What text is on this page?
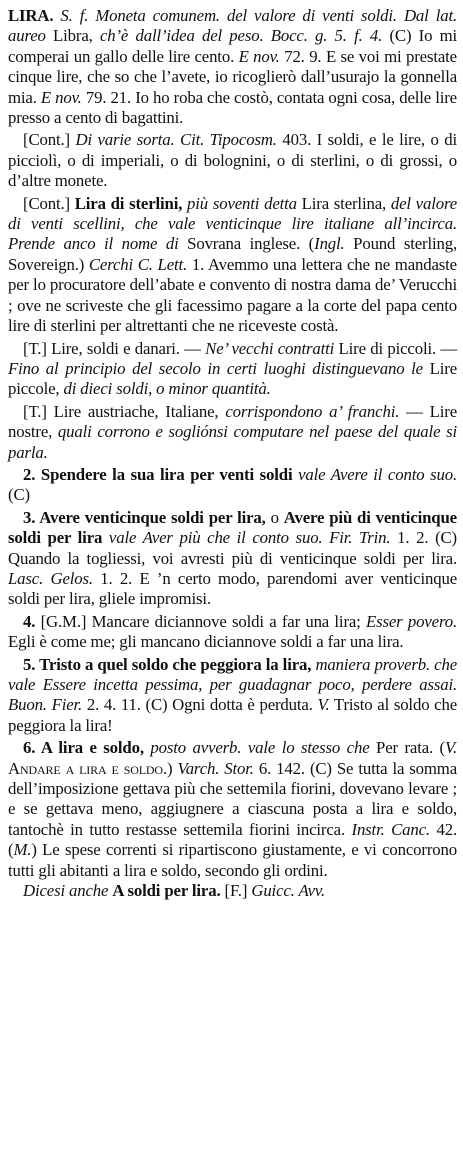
LIRA. S. f. Moneta comunem. del valore di venti soldi. Dal lat. aureo Libra, ch’è dall’idea del peso. Bocc. g. 5. f. 4. (C) Io mi comperai un gallo delle lire cento. E nov. 72. 9. E se voi mi prestate cinque lire, che so che l’avete, io ricoglierò dall’usurajo la gonnella mia. E nov. 79. 21. Io ho roba che costò, contata ogni cosa, delle lire presso a cento di bagattini.

[Cont.] Di varie sorta. Cit. Tipocosm. 403. I soldi, e le lire, o di picciolì, o di imperiali, o di bolognini, o di sterlini, o di grossi, o d’altre monete.

[Cont.] Lira di sterlini, più soventi detta Lira sterlina, del valore di venti scellini, che vale venticinque lire italiane all’incirca. Prende anco il nome di Sovrana inglese. (Ingl. Pound sterling, Sovereign.) Cerchi C. Lett. 1. Avemmo una lettera che ne mandaste per lo procuratore dell’abate e convento di nostra dama de’ Verucchi ; ove ne scriveste che gli facessimo pagare a la corte del papa cento lire di sterlini per altrettanti che ne riceveste costà.

[T.] Lire, soldi e danari. — Ne’ vecchi contratti Lire di piccoli. — Fino al principio del secolo in certi luoghi distinguevano le Lire piccole, di dieci soldi, o minor quantità.

[T.] Lire austriache, Italiane, corrispondono a’ franchi. — Lire nostre, quali corrono e sogliónsi computare nel paese del quale si parla.

2. Spendere la sua lira per venti soldi vale Avere il conto suo. (C)

3. Avere venticinque soldi per lira, o Avere più di venticinque soldi per lira vale Aver più che il conto suo. Fir. Trin. 1. 2. (C) Quando la togliessi, voi avresti più di venticinque soldi per lira. Lasc. Gelos. 1. 2. E ’n certo modo, parendomi aver venticinque soldi per lira, gliele impromisi.

4. [G.M.] Mancare diciannove soldi a far una lira; Esser povero. Egli è come me; gli mancano diciannove soldi a far una lira.

5. Tristo a quel soldo che peggiora la lira, maniera proverb. che vale Essere incetta pessima, per guadagnar poco, perdere assai. Buon. Fier. 2. 4. 11. (C) Ogni dotta è perduta. V. Tristo al soldo che peggiora la lira!

6. A lira e soldo, posto avverb. vale lo stesso che Per rata. (V. Andare a lira e soldo.) Varch. Stor. 6. 142. (C) Se tutta la somma dell’imposizione gettava più che settemila fiorini, dovevano levare ; e se gettava meno, aggiugnere a ciascuna posta a lira e soldo, tantochè in tutto restasse settemila fiorini incirca. Instr. Canc. 42. (M.) Le spese correnti si ripartiscono giustamente, e vi concorrono tutti gli abitanti a lira e soldo, secondo gli ordini.

Dicesi anche A soldi per lira. [F.] Guicc. Avv.
